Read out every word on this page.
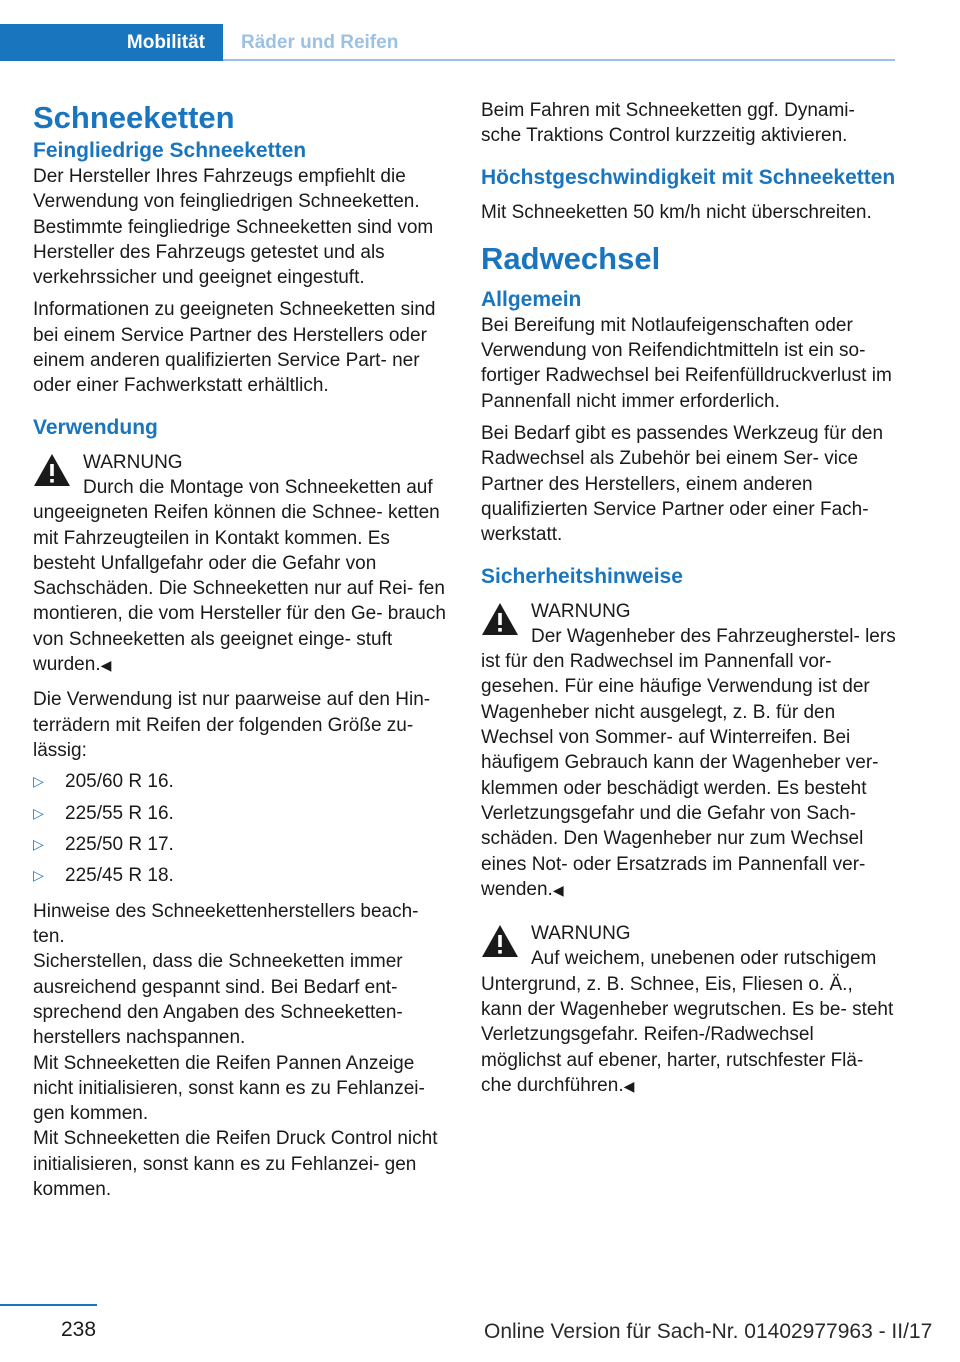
Mobilität	Räder und Reifen
Schneeketten
Feingliedrige Schneeketten

Der Hersteller Ihres Fahrzeugs empfiehlt die Verwendung von feingliedrigen Schneeketten. Bestimmte feingliedrige Schneeketten sind vom Hersteller des Fahrzeugs getestet und als verkehrssicher und geeignet eingestuft.

Informationen zu geeigneten Schneeketten sind bei einem Service Partner des Herstellers oder einem anderen qualifizierten Service Part‐ ner oder einer Fachwerkstatt erhältlich.

Verwendung
WARNUNG
Durch die Montage von Schneeketten auf ungeeigneten Reifen können die Schnee‐ ketten mit Fahrzeugteilen in Kontakt kommen. Es besteht Unfallgefahr oder die Gefahr von Sachschäden. Die Schneeketten nur auf Rei‐ fen montieren, die vom Hersteller für den Ge‐ brauch von Schneeketten als geeignet einge‐ stuft wurden.◀

Die Verwendung ist nur paarweise auf den Hin‐ terrädern mit Reifen der folgenden Größe zu‐ lässig:

▷ 205/60 R 16.
▷ 225/55 R 16.
▷ 225/50 R 17.
▷ 225/45 R 18.

Hinweise des Schneekettenherstellers beach‐ ten.

Sicherstellen, dass die Schneeketten immer ausreichend gespannt sind. Bei Bedarf ent‐ sprechend den Angaben des Schneeketten‐ herstellers nachspannen.

Mit Schneeketten die Reifen Pannen Anzeige nicht initialisieren, sonst kann es zu Fehlanzei‐ gen kommen.

Mit Schneeketten die Reifen Druck Control nicht initialisieren, sonst kann es zu Fehlanzei‐ gen kommen.

Beim Fahren mit Schneeketten ggf. Dynami‐ sche Traktions Control kurzzeitig aktivieren.

Höchstgeschwindigkeit mit Schneeketten

Mit Schneeketten 50 km/h nicht überschreiten.

Radwechsel
Allgemein

Bei Bereifung mit Notlaufeigenschaften oder Verwendung von Reifendichtmitteln ist ein so‐ fortiger Radwechsel bei Reifenfülldruckverlust im Pannenfall nicht immer erforderlich.

Bei Bedarf gibt es passendes Werkzeug für den Radwechsel als Zubehör bei einem Ser‐ vice Partner des Herstellers, einem anderen qualifizierten Service Partner oder einer Fach‐ werkstatt.

Sicherheitshinweise
WARNUNG
Der Wagenheber des Fahrzeugherstel‐ lers ist für den Radwechsel im Pannenfall vor‐ gesehen. Für eine häufige Verwendung ist der Wagenheber nicht ausgelegt, z. B. für den Wechsel von Sommer- auf Winterreifen. Bei häufigem Gebrauch kann der Wagenheber ver‐ klemmen oder beschädigt werden. Es besteht Verletzungsgefahr und die Gefahr von Sach‐ schäden. Den Wagenheber nur zum Wechsel eines Not- oder Ersatzrads im Pannenfall ver‐ wenden.◀
WARNUNG
Auf weichem, unebenen oder rutschigem Untergrund, z. B. Schnee, Eis, Fliesen o. Ä., kann der Wagenheber wegrutschen. Es be‐ steht Verletzungsgefahr. Reifen-/Radwechsel möglichst auf ebener, harter, rutschfester Flä‐ che durchführen.◀
238	Online Version für Sach-Nr. 01402977963 - II/17
